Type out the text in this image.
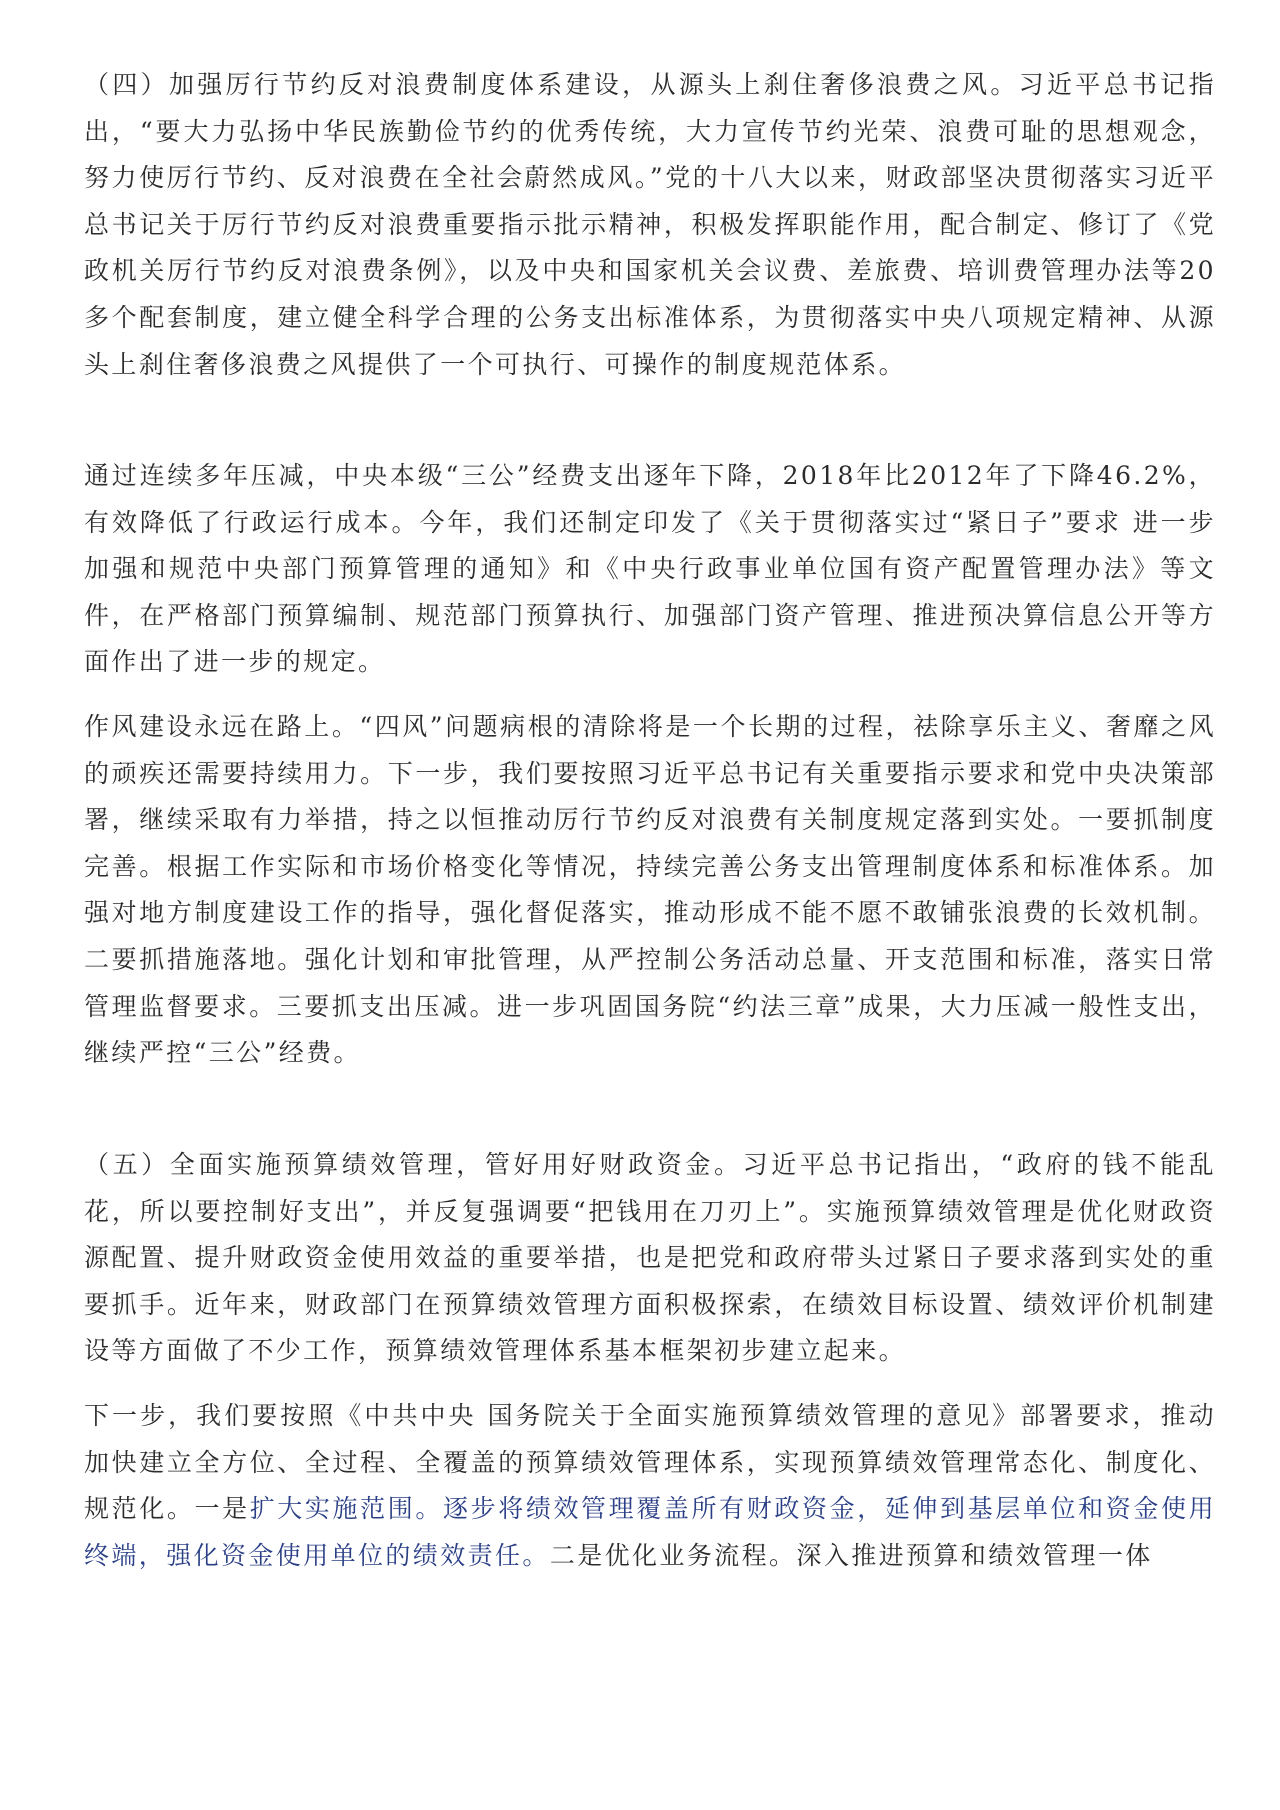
（四）加强厉行节约反对浪费制度体系建设，从源头上刹住奢侈浪费之风。习近平总书记指出，“要大力弘扬中华民族勤俭节约的优秀传统，大力宣传节约光荣、浪费可耻的思想观念，努力使厉行节约、反对浪费在全社会蔚然成风。”党的十八大以来，财政部坚决贯彻落实习近平总书记关于厉行节约反对浪费重要指示批示精神，积极发挥职能作用，配合制定、修订了《党政机关厉行节约反对浪费条例》，以及中央和国家机关会议费、差旅费、培训费管理办法等20多个配套制度，建立健全科学合理的公务支出标准体系，为贯彻落实中央八项规定精神、从源头上刹住奢侈浪费之风提供了一个可执行、可操作的制度规范体系。

通过连续多年压减，中央本级“三公”经费支出逐年下降，2018年比2012年了下降46.2%，有效降低了行政运行成本。今年，我们还制定印发了《关于贯彻落实过“紧日子”要求 进一步加强和规范中央部门预算管理的通知》和《中央行政事业单位国有资产配置管理办法》等文件，在严格部门预算编制、规范部门预算执行、加强部门资产管理、推进预决算信息公开等方面作出了进一步的规定。

作风建设永远在路上。“四风”问题病根的清除将是一个长期的过程，祛除享乐主义、奢靡之风的顽疾还需要持续用力。下一步，我们要按照习近平总书记有关重要指示要求和党中央决策部署，继续采取有力举措，持之以恒推动厉行节约反对浪费有关制度规定落到实处。一要抓制度完善。根据工作实际和市场价格变化等情况，持续完善公务支出管理制度体系和标准体系。加强对地方制度建设工作的指导，强化督促落实，推动形成不能不愿不敢铺张浪费的长效机制。二要抓措施落地。强化计划和审批管理，从严控制公务活动总量、开支范围和标准，落实日常管理监督要求。三要抓支出压减。进一步巩固国务院“约法三章”成果，大力压减一般性支出，继续严控“三公”经费。

（五）全面实施预算绩效管理，管好用好财政资金。习近平总书记指出，“政府的钱不能乱花，所以要控制好支出”，并反复强调要“把钱用在刀刃上”。实施预算绩效管理是优化财政资源配置、提升财政资金使用效益的重要举措，也是把党和政府带头过紧日子要求落到实处的重要抓手。近年来，财政部门在预算绩效管理方面积极探索，在绩效目标设置、绩效评价机制建设等方面做了不少工作，预算绩效管理体系基本框架初步建立起来。

下一步，我们要按照《中共中央 国务院关于全面实施预算绩效管理的意见》部署要求，推动加快建立全方位、全过程、全覆盖的预算绩效管理体系，实现预算绩效管理常态化、制度化、规范化。一是扩大实施范围。逐步将绩效管理覆盖所有财政资金，延伸到基层单位和资金使用终端，强化资金使用单位的绩效责任。二是优化业务流程。深入推进预算和绩效管理一体
